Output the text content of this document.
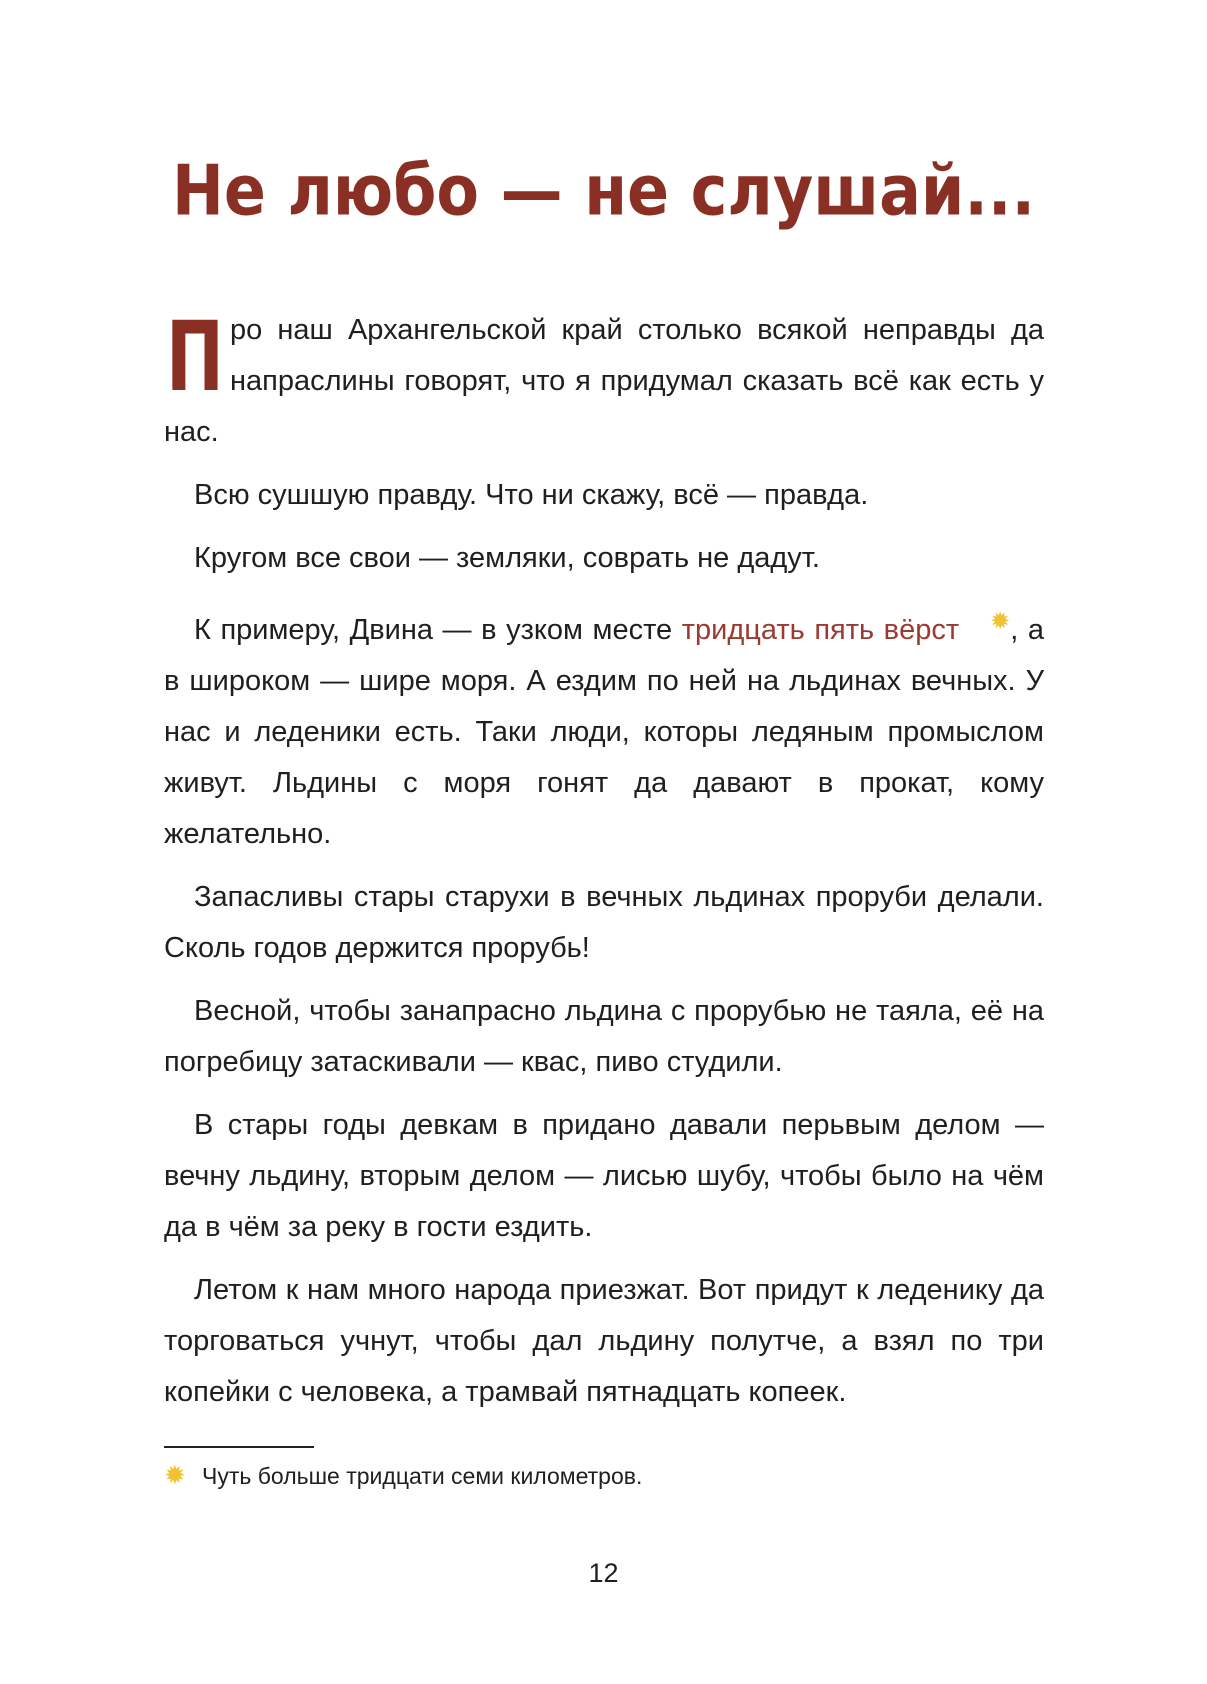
Не любо — не слушай...

Про наш Архангельской край столько всякой неправды да напраслины говорят, что я придумал сказать всё как есть у нас.

Всю сушшую правду. Что ни скажу, всё — правда.

Кругом все свои — земляки, соврать не дадут.

К примеру, Двина — в узком месте тридцать пять вёрст ✹, а в широком — шире моря. А ездим по ней на льдинах вечных. У нас и леденики есть. Таки люди, которы ледяным промыслом живут. Льдины с моря гонят да давают в прокат, кому желательно.

Запасливы стары старухи в вечных льдинах проруби делали. Сколь годов держится прорубь!

Весной, чтобы занапрасно льдина с прорубью не таяла, её на погребицу затаскивали — квас, пиво студили.

В стары годы девкам в придано давали перьвым делом — вечну льдину, вторым делом — лисью шубу, чтобы было на чём да в чём за реку в гости ездить.

Летом к нам много народа приезжат. Вот придут к леденику да торговаться учнут, чтобы дал льдину полутче, а взял по три копейки с человека, а трамвай пятнадцать копеек.

✹ Чуть больше тридцати семи километров.
12
